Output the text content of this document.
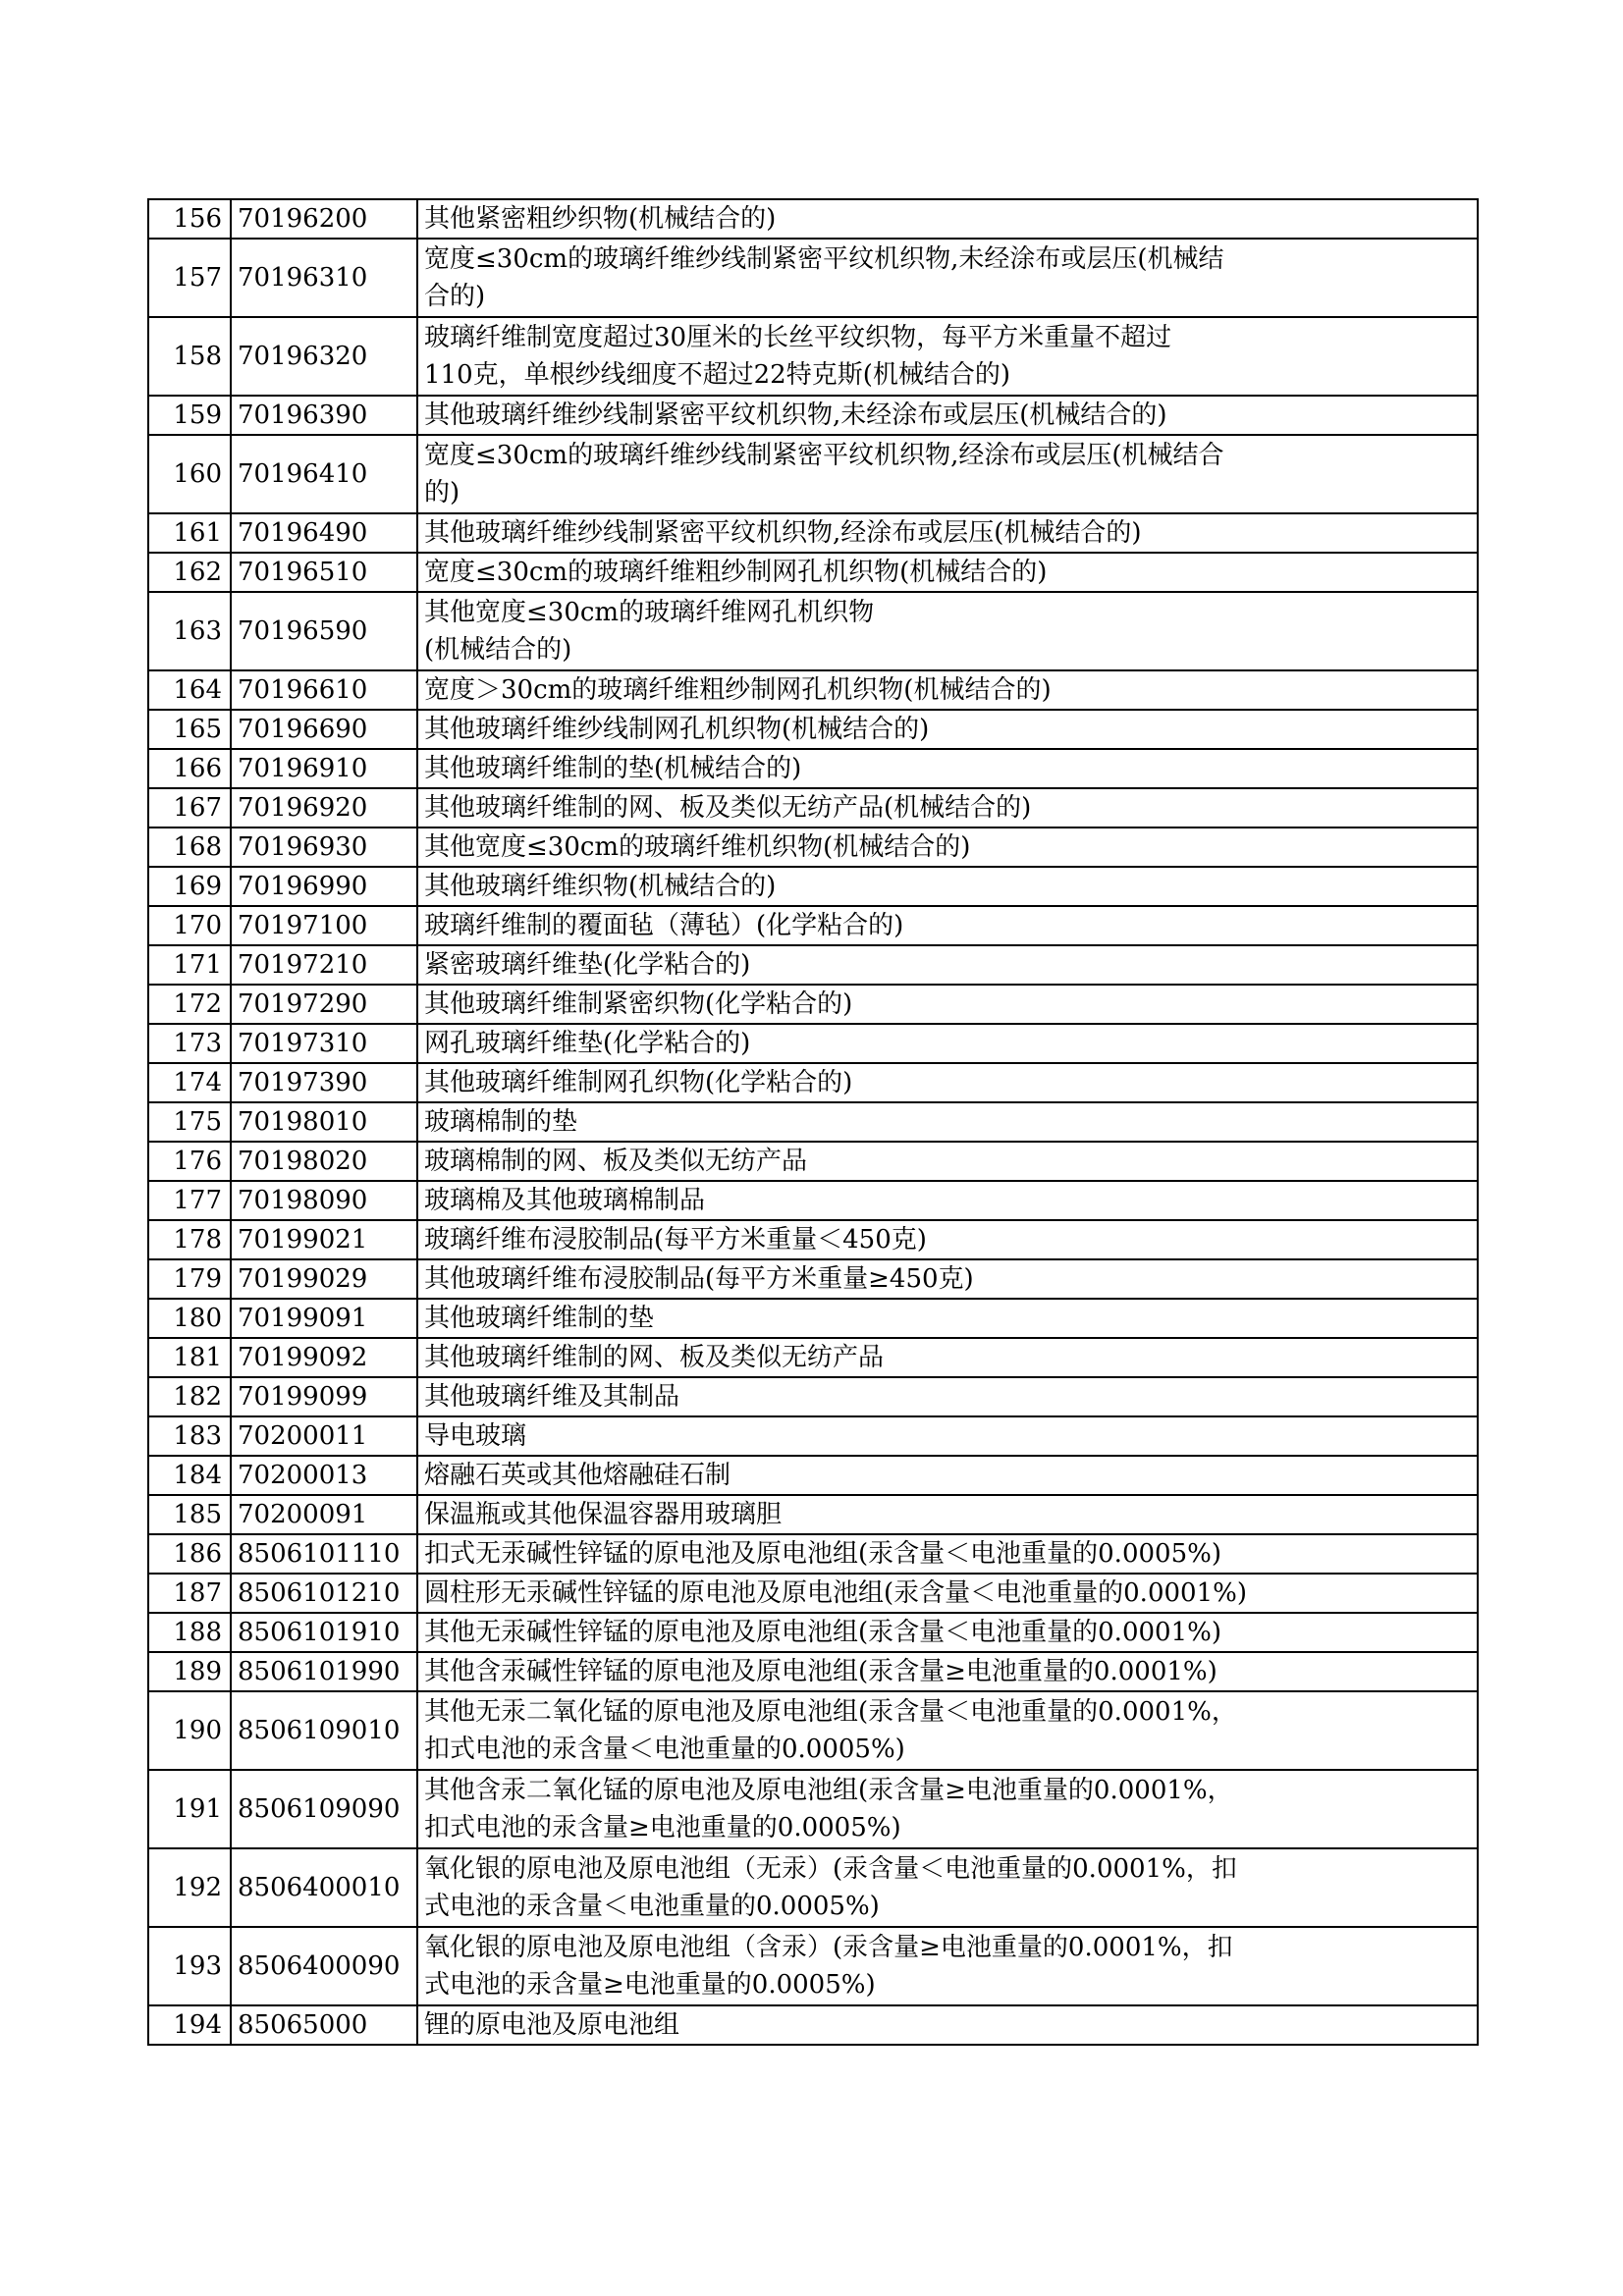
156	70196200	其他紧密粗纱织物(机械结合的)

157	70196310	宽度≤30cm的玻璃纤维纱线制紧密平纹机织物,未经涂布或层压(机械结
合的)

158	70196320	玻璃纤维制宽度超过30厘米的长丝平纹织物，每平方米重量不超过
110克，单根纱线细度不超过22特克斯(机械结合的)

159	70196390	其他玻璃纤维纱线制紧密平纹机织物,未经涂布或层压(机械结合的)

160	70196410	宽度≤30cm的玻璃纤维纱线制紧密平纹机织物,经涂布或层压(机械结合
的)

161	70196490	其他玻璃纤维纱线制紧密平纹机织物,经涂布或层压(机械结合的)

162	70196510	宽度≤30cm的玻璃纤维粗纱制网孔机织物(机械结合的)

163	70196590	其他宽度≤30cm的玻璃纤维网孔机织物
(机械结合的)

164	70196610	宽度＞30cm的玻璃纤维粗纱制网孔机织物(机械结合的)

165	70196690	其他玻璃纤维纱线制网孔机织物(机械结合的)

166	70196910	其他玻璃纤维制的垫(机械结合的)

167	70196920	其他玻璃纤维制的网、板及类似无纺产品(机械结合的)

168	70196930	其他宽度≤30cm的玻璃纤维机织物(机械结合的)

169	70196990	其他玻璃纤维织物(机械结合的)

170	70197100	玻璃纤维制的覆面毡（薄毡）(化学粘合的)

171	70197210	紧密玻璃纤维垫(化学粘合的)

172	70197290	其他玻璃纤维制紧密织物(化学粘合的)

173	70197310	网孔玻璃纤维垫(化学粘合的)

174	70197390	其他玻璃纤维制网孔织物(化学粘合的)

175	70198010	玻璃棉制的垫

176	70198020	玻璃棉制的网、板及类似无纺产品

177	70198090	玻璃棉及其他玻璃棉制品

178	70199021	玻璃纤维布浸胶制品(每平方米重量＜450克)

179	70199029	其他玻璃纤维布浸胶制品(每平方米重量≥450克)

180	70199091	其他玻璃纤维制的垫

181	70199092	其他玻璃纤维制的网、板及类似无纺产品

182	70199099	其他玻璃纤维及其制品

183	70200011	导电玻璃

184	70200013	熔融石英或其他熔融硅石制

185	70200091	保温瓶或其他保温容器用玻璃胆

186	8506101110	扣式无汞碱性锌锰的原电池及原电池组(汞含量＜电池重量的0.0005%)

187	8506101210	圆柱形无汞碱性锌锰的原电池及原电池组(汞含量＜电池重量的0.0001%)

188	8506101910	其他无汞碱性锌锰的原电池及原电池组(汞含量＜电池重量的0.0001%)

189	8506101990	其他含汞碱性锌锰的原电池及原电池组(汞含量≥电池重量的0.0001%)

190	8506109010	其他无汞二氧化锰的原电池及原电池组(汞含量＜电池重量的0.0001%，
扣式电池的汞含量＜电池重量的0.0005%)

191	8506109090	其他含汞二氧化锰的原电池及原电池组(汞含量≥电池重量的0.0001%，
扣式电池的汞含量≥电池重量的0.0005%)

192	8506400010	氧化银的原电池及原电池组（无汞）(汞含量＜电池重量的0.0001%，扣
式电池的汞含量＜电池重量的0.0005%)

193	8506400090	氧化银的原电池及原电池组（含汞）(汞含量≥电池重量的0.0001%，扣
式电池的汞含量≥电池重量的0.0005%)

194	85065000	锂的原电池及原电池组
